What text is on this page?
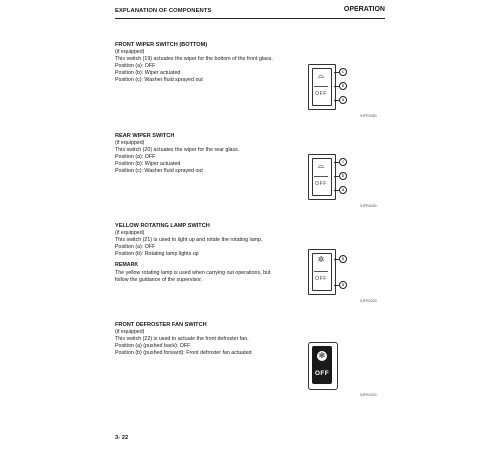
EXPLANATION OF COMPONENTS	OPERATION
FRONT WIPER SWITCH (BOTTOM)
(if equipped)
This switch (19) actuates the wiper for the bottom of the front glass.
Position (a): OFF
Position (b): Wiper actuated
Position (c): Washer fluid sprayed out
⌓
OFF
c
b
a
9JFR0080
REAR WIPER SWITCH
(if equipped)
This switch (20) actuates the wiper for the rear glass.
Position (a): OFF
Position (b): Wiper actuated
Position (c): Washer fluid sprayed out
⌓
OFF
c
b
a
9JFR0080
YELLOW ROTATING LAMP SWITCH
(if equipped)
This switch (21) is used to light up and rotate the rotating lamp.
Position (a): OFF
Position (b): Rotating lamp lights up
REMARK
The yellow rotating lamp is used when carrying out operations, but
follow the guidance of the supervisor.
✲
OFF
b
a
9JFR0023
FRONT DEFROSTER FAN SWITCH
(if equipped)
This switch (22) is used to actuate the front defroster fan.
Position (a) (pushed back): OFF
Position (b) (pushed forward): Front defroster fan actuated	✻
OFF
9JFR0024
3- 22
